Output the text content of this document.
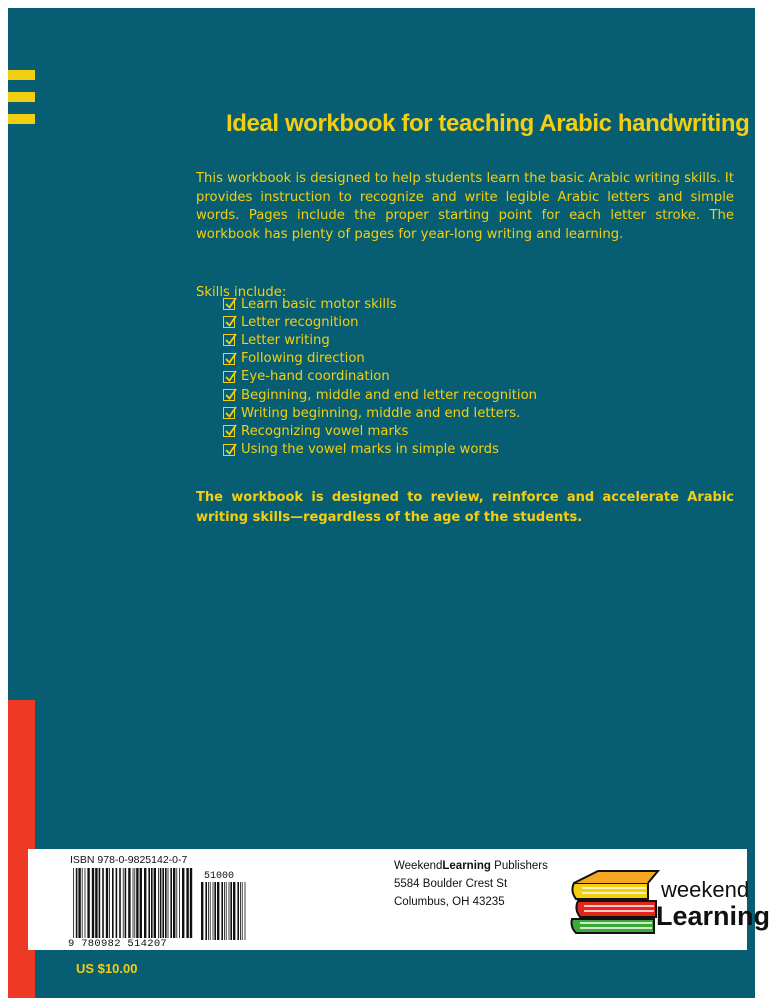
Ideal workbook for teaching Arabic handwriting

This workbook is designed to help students learn the basic Arabic writing skills. It provides instruction to recognize and write legible Arabic letters and simple words. Pages include the proper starting point for each letter stroke. The workbook has plenty of pages for year-long writing and learning.

Skills include:
Learn basic motor skills
Letter recognition
Letter writing
Following direction
Eye-hand coordination
Beginning, middle and end letter recognition
Writing beginning, middle and end letters.
Recognizing vowel marks
Using the vowel marks in simple words

The workbook is designed to review, reinforce and accelerate Arabic writing skills—regardless of the age of the students.

ISBN 978-0-9825142-0-7
51000
9 780982 514207
WeekendLearning Publishers
5584 Boulder Crest St
Columbus, OH 43235	weekend
Learning
US $10.00
